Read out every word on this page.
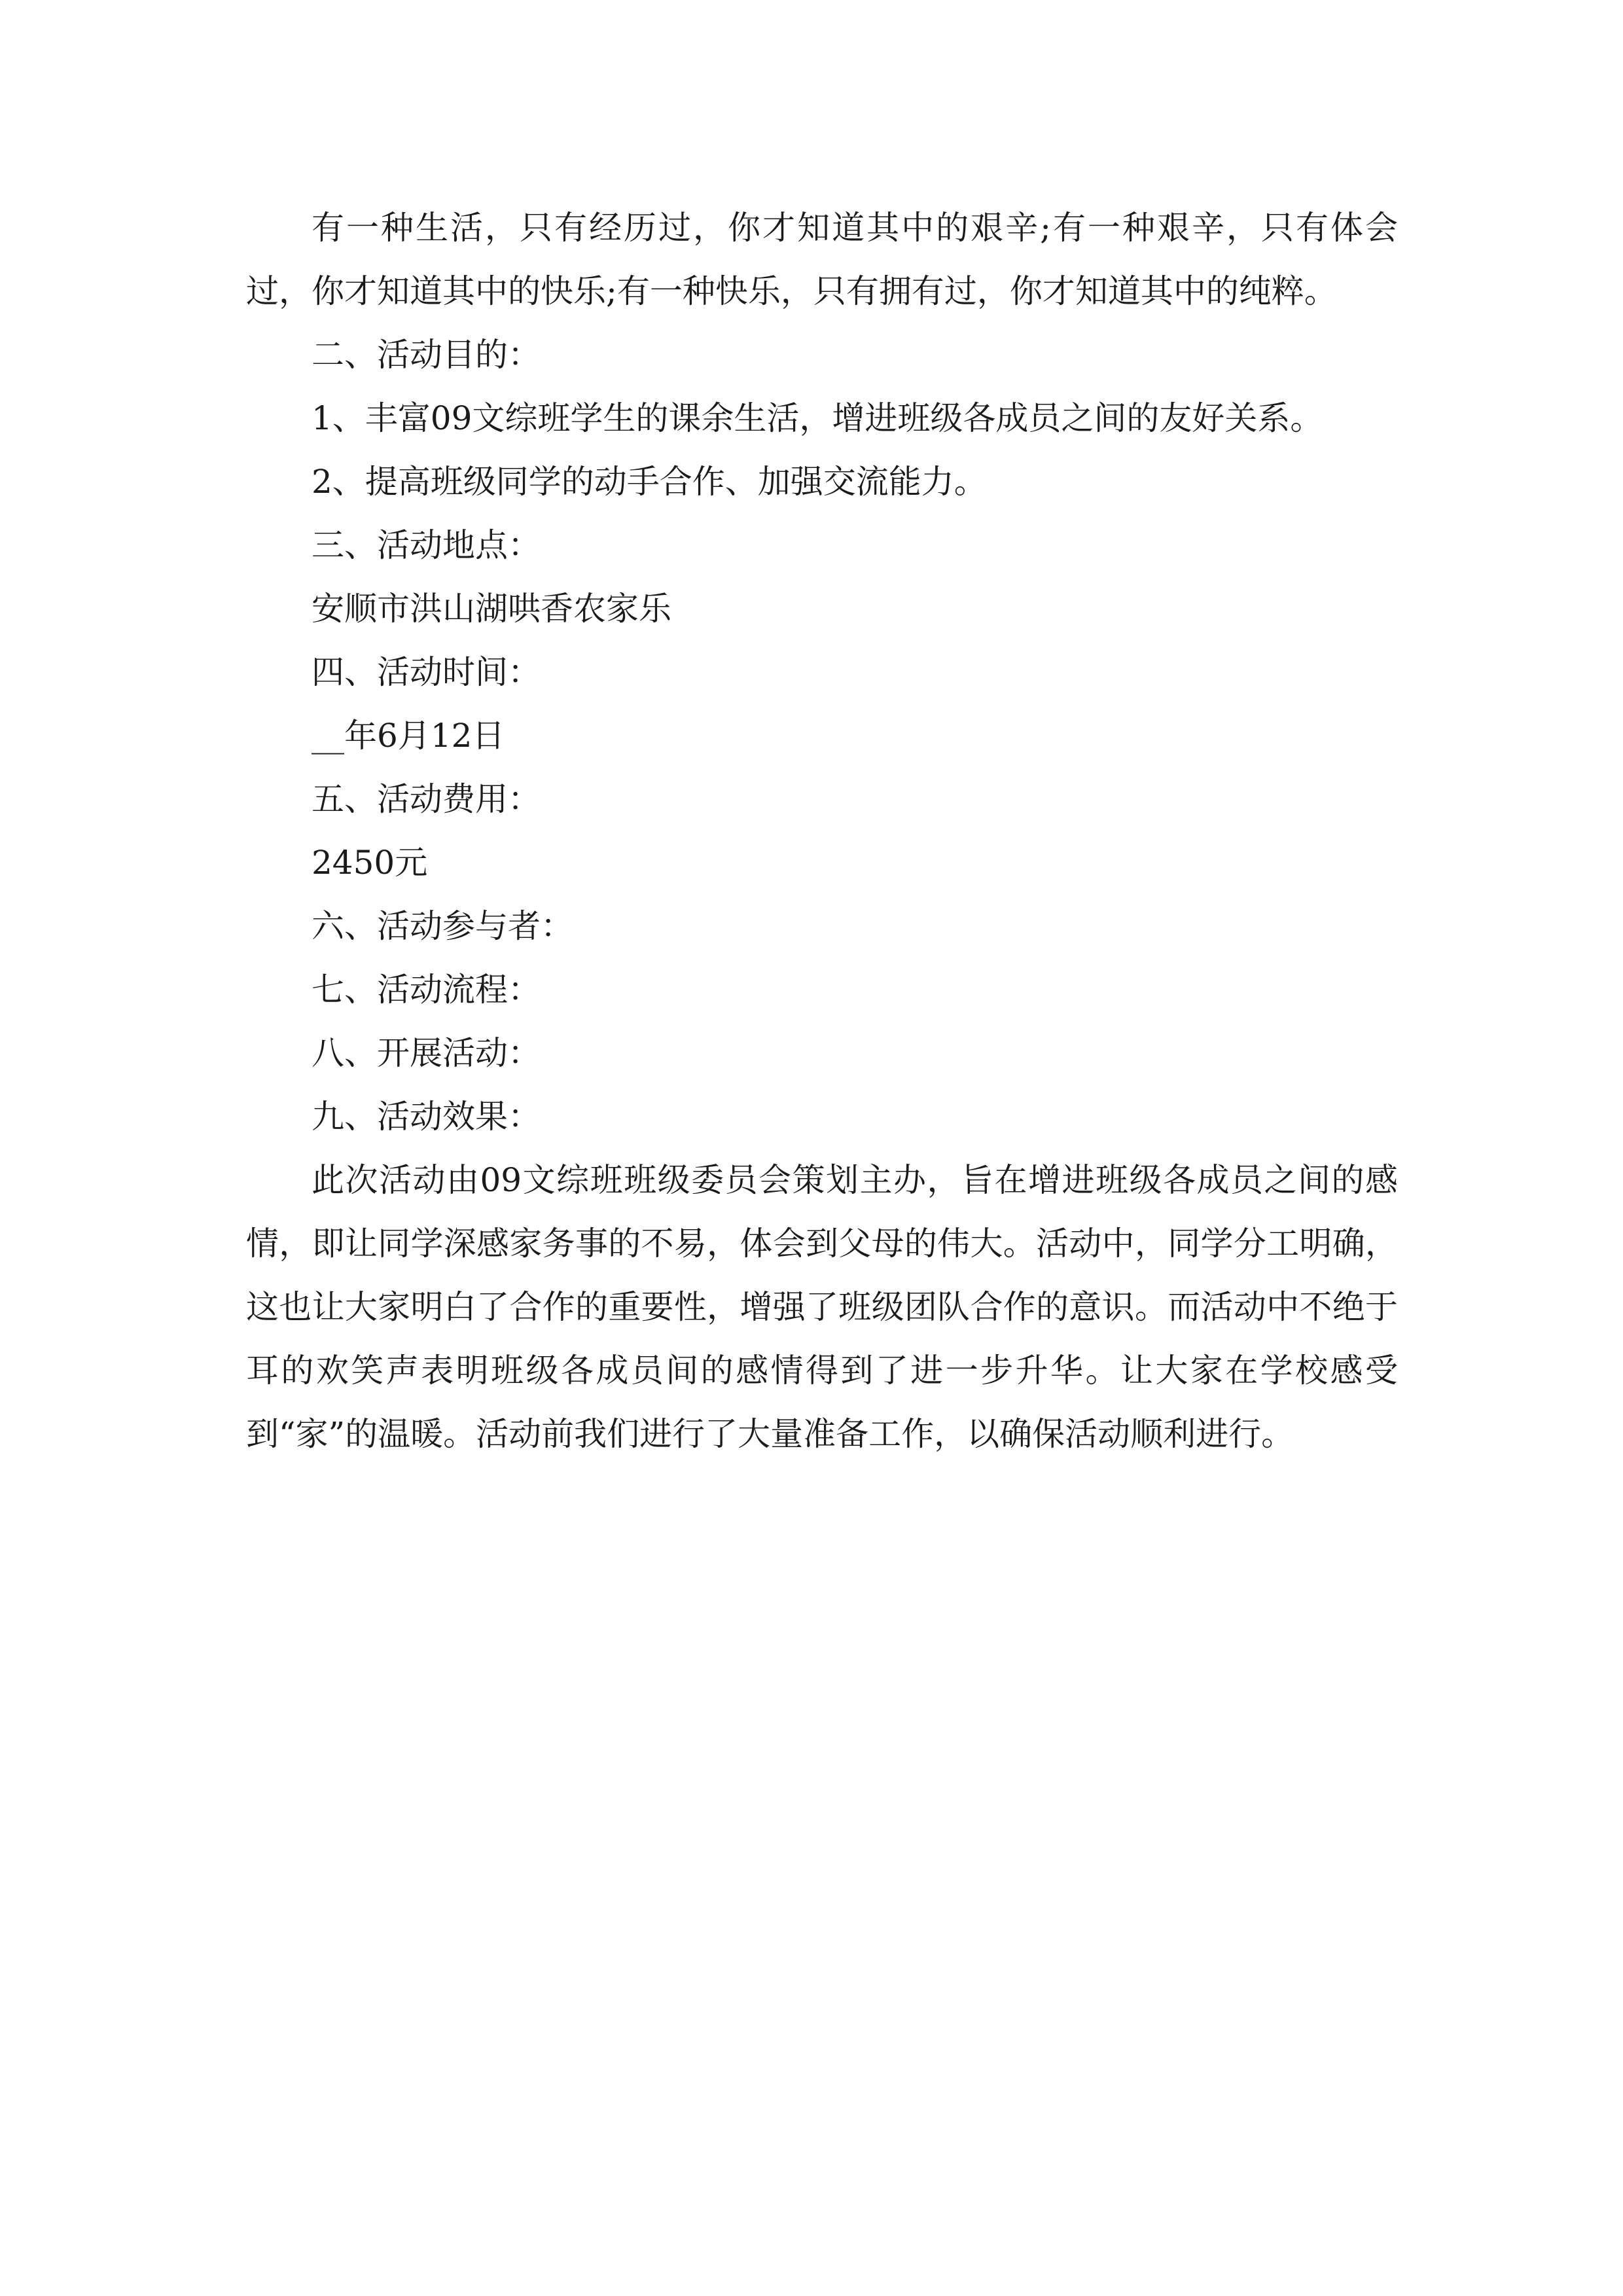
有一种生活，只有经历过，你才知道其中的艰辛;有一种艰辛，只有体会过，你才知道其中的快乐;有一种快乐，只有拥有过，你才知道其中的纯粹。

二、活动目的：

1、丰富09文综班学生的课余生活，增进班级各成员之间的友好关系。

2、提高班级同学的动手合作、加强交流能力。

三、活动地点：

安顺市洪山湖哄香农家乐

四、活动时间：

__年6月12日

五、活动费用：

2450元

六、活动参与者：

七、活动流程：

八、开展活动：

九、活动效果：

此次活动由09文综班班级委员会策划主办，旨在增进班级各成员之间的感情，即让同学深感家务事的不易，体会到父母的伟大。活动中，同学分工明确，这也让大家明白了合作的重要性，增强了班级团队合作的意识。而活动中不绝于耳的欢笑声表明班级各成员间的感情得到了进一步升华。让大家在学校感受到“家”的温暖。活动前我们进行了大量准备工作，以确保活动顺利进行。
